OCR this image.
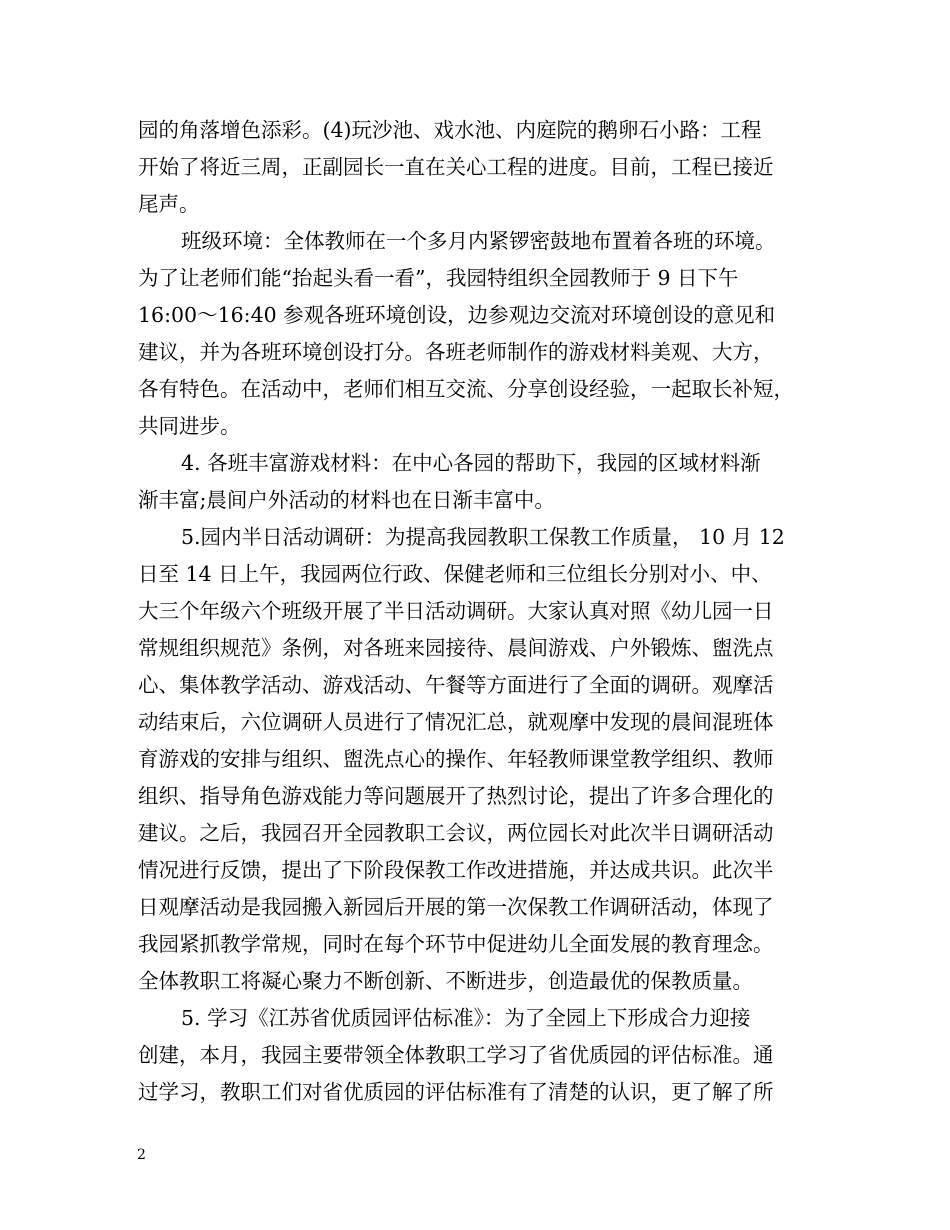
园的角落增色添彩。(4)玩沙池、戏水池、内庭院的鹅卵石小路：工程
开始了将近三周，正副园长一直在关心工程的进度。目前，工程已接近
尾声。
班级环境：全体教师在一个多月内紧锣密鼓地布置着各班的环境。
为了让老师们能“抬起头看一看”，我园特组织全园教师于 9 日下午
16:00～16:40 参观各班环境创设，边参观边交流对环境创设的意见和
建议，并为各班环境创设打分。各班老师制作的游戏材料美观、大方，
各有特色。在活动中，老师们相互交流、分享创设经验，一起取长补短，
共同进步。
4. 各班丰富游戏材料：在中心各园的帮助下，我园的区域材料渐
渐丰富;晨间户外活动的材料也在日渐丰富中。
5.园内半日活动调研：为提高我园教职工保教工作质量， 10 月 12
日至 14 日上午，我园两位行政、保健老师和三位组长分别对小、中、
大三个年级六个班级开展了半日活动调研。大家认真对照《幼儿园一日
常规组织规范》条例，对各班来园接待、晨间游戏、户外锻炼、盥洗点
心、集体教学活动、游戏活动、午餐等方面进行了全面的调研。观摩活
动结束后，六位调研人员进行了情况汇总，就观摩中发现的晨间混班体
育游戏的安排与组织、盥洗点心的操作、年轻教师课堂教学组织、教师
组织、指导角色游戏能力等问题展开了热烈讨论，提出了许多合理化的
建议。之后，我园召开全园教职工会议，两位园长对此次半日调研活动
情况进行反馈，提出了下阶段保教工作改进措施，并达成共识。此次半
日观摩活动是我园搬入新园后开展的第一次保教工作调研活动，体现了
我园紧抓教学常规，同时在每个环节中促进幼儿全面发展的教育理念。
全体教职工将凝心聚力不断创新、不断进步，创造最优的保教质量。
5. 学习《江苏省优质园评估标准》：为了全园上下形成合力迎接
创建，本月，我园主要带领全体教职工学习了省优质园的评估标准。通
过学习，教职工们对省优质园的评估标准有了清楚的认识，更了解了所
2
